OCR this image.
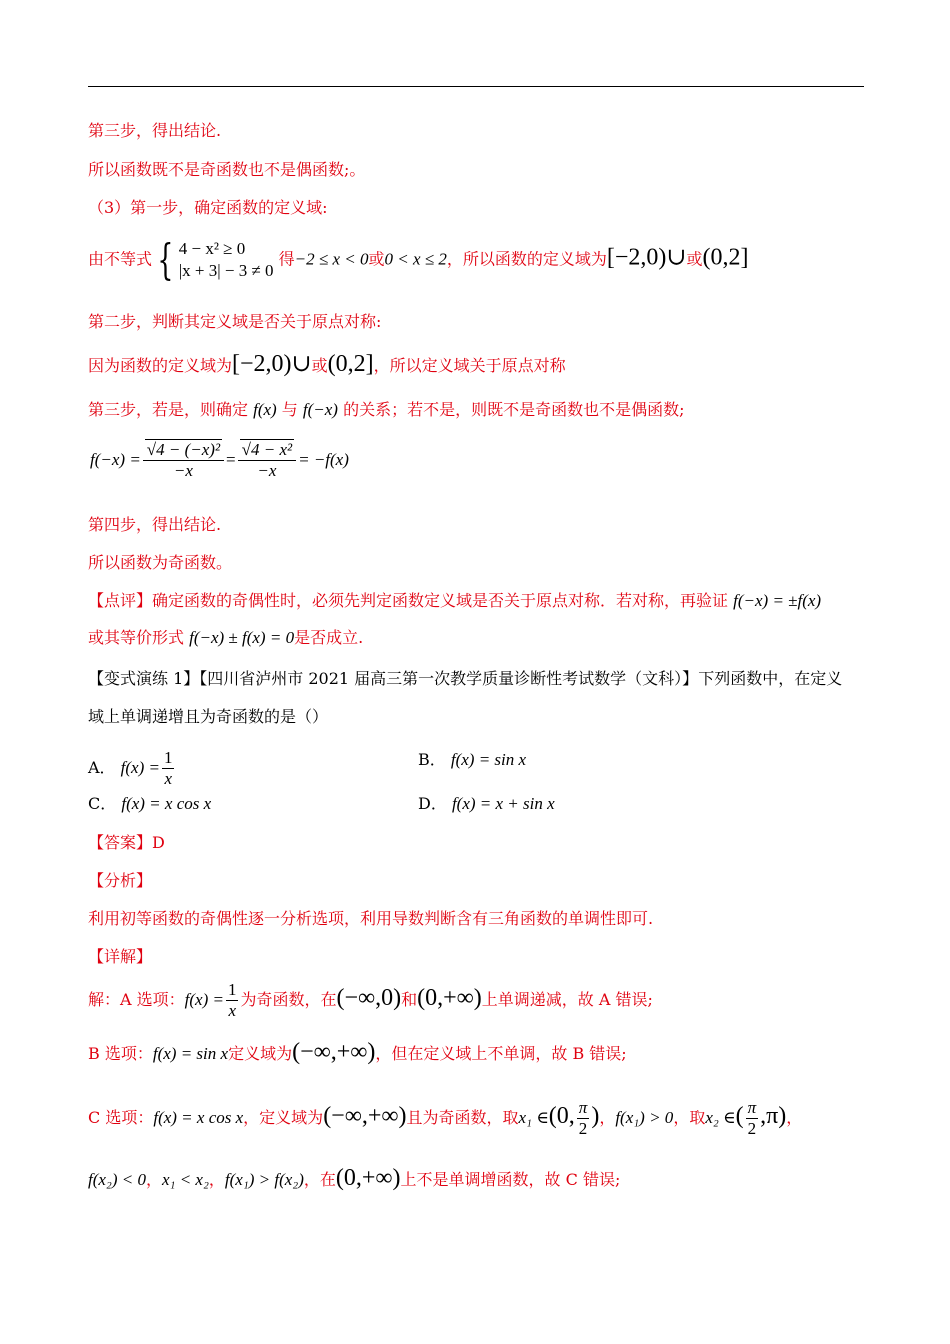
第三步，得出结论.
所以函数既不是奇函数也不是偶函数;。
（3）第一步，确定函数的定义域:
由不等式 { 4 − x² ≥ 0
|x + 3| − 3 ≠ 0
得−2 ≤ x < 0或0 < x ≤ 2，所以函数的定义域为[−2,0)∪或(0,2]
第二步，判断其定义域是否关于原点对称:
因为函数的定义域为[−2,0)∪或(0,2]，所以定义域关于原点对称
第三步，若是，则确定 f(x) 与 f(−x) 的关系；若不是，则既不是奇函数也不是偶函数;
$f(-x) = \frac{\text{√4 − (−x)²}}{-x} = \frac{\text{√4 − x²}}{-x} = -f(x)$
第四步，得出结论.
所以函数为奇函数。
【点评】确定函数的奇偶性时，必须先判定函数定义域是否关于原点对称．若对称，再验证 f(−x) = ±f(x)
或其等价形式 f(−x) ± f(x) = 0是否成立.
【变式演练 1】【四川省泸州市 2021 届高三第一次教学质量诊断性考试数学（文科）】下列函数中，在定义
域上单调递增且为奇函数的是（）
A． $f(x) = \frac{1}{x}$	B． f(x) = sin x
C． f(x) = x cos x	D． f(x) = x + sin x
【答案】D
【分析】
利用初等函数的奇偶性逐一分析选项，利用导数判断含有三角函数的单调性即可.
【详解】
解：A 选项：$f(x) = \frac{1}{x}$ 为奇函数，在(−∞,0)和(0,+∞)上单调递减，故 A 错误;
B 选项：f(x) = sin x定义域为(−∞,+∞)，但在定义域上不单调，故 B 错误;
C 选项：f(x) = x cos x，定义域为(−∞,+∞)且为奇函数，取x₁ ∈(0, $\frac{\pi}{2}$ )，f(x₁) > 0，取x₂ ∈( $\frac{\pi}{2} ,\pi$)，
f(x₂) < 0，x₁ < x₂，f(x₁) > f(x₂)，在(0,+∞)上不是单调增函数，故 C 错误;
